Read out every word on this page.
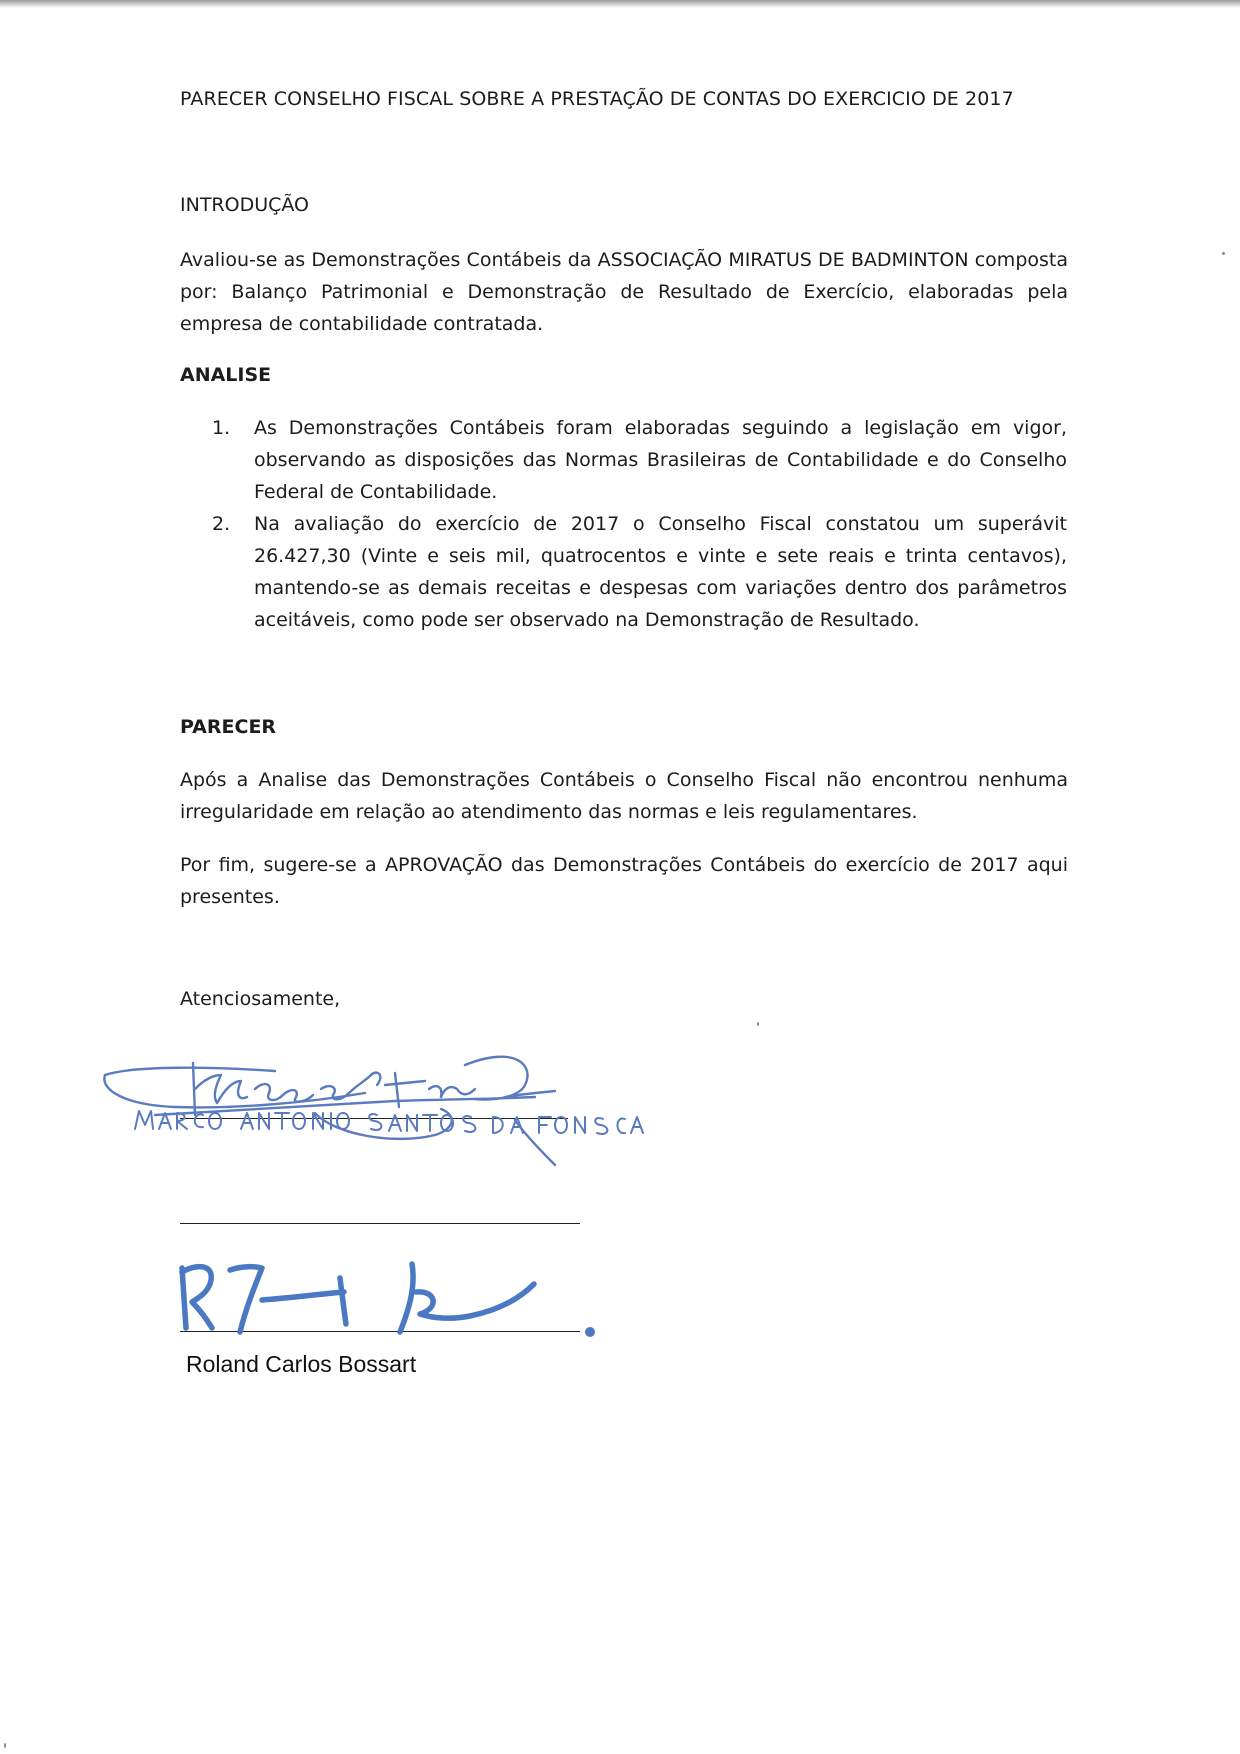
PARECER CONSELHO FISCAL SOBRE A PRESTAÇÃO DE CONTAS DO EXERCICIO DE 2017
INTRODUÇÃO
Avaliou-se as Demonstrações Contábeis da ASSOCIAÇÃO MIRATUS DE BADMINTON composta por: Balanço Patrimonial e Demonstração de Resultado de Exercício, elaboradas pela empresa de contabilidade contratada.
ANALISE
1. As Demonstrações Contábeis foram elaboradas seguindo a legislação em vigor, observando as disposições das Normas Brasileiras de Contabilidade e do Conselho Federal de Contabilidade.
2. Na avaliação do exercício de 2017 o Conselho Fiscal constatou um superávit 26.427,30 (Vinte e seis mil, quatrocentos e vinte e sete reais e trinta centavos), mantendo-se as demais receitas e despesas com variações dentro dos parâmetros aceitáveis, como pode ser observado na Demonstração de Resultado.
PARECER
Após a Analise das Demonstrações Contábeis o Conselho Fiscal não encontrou nenhuma irregularidade em relação ao atendimento das normas e leis regulamentares.
Por fim, sugere-se a APROVAÇÃO das Demonstrações Contábeis do exercício de 2017 aqui presentes.
Atenciosamente,
Roland Carlos Bossart
